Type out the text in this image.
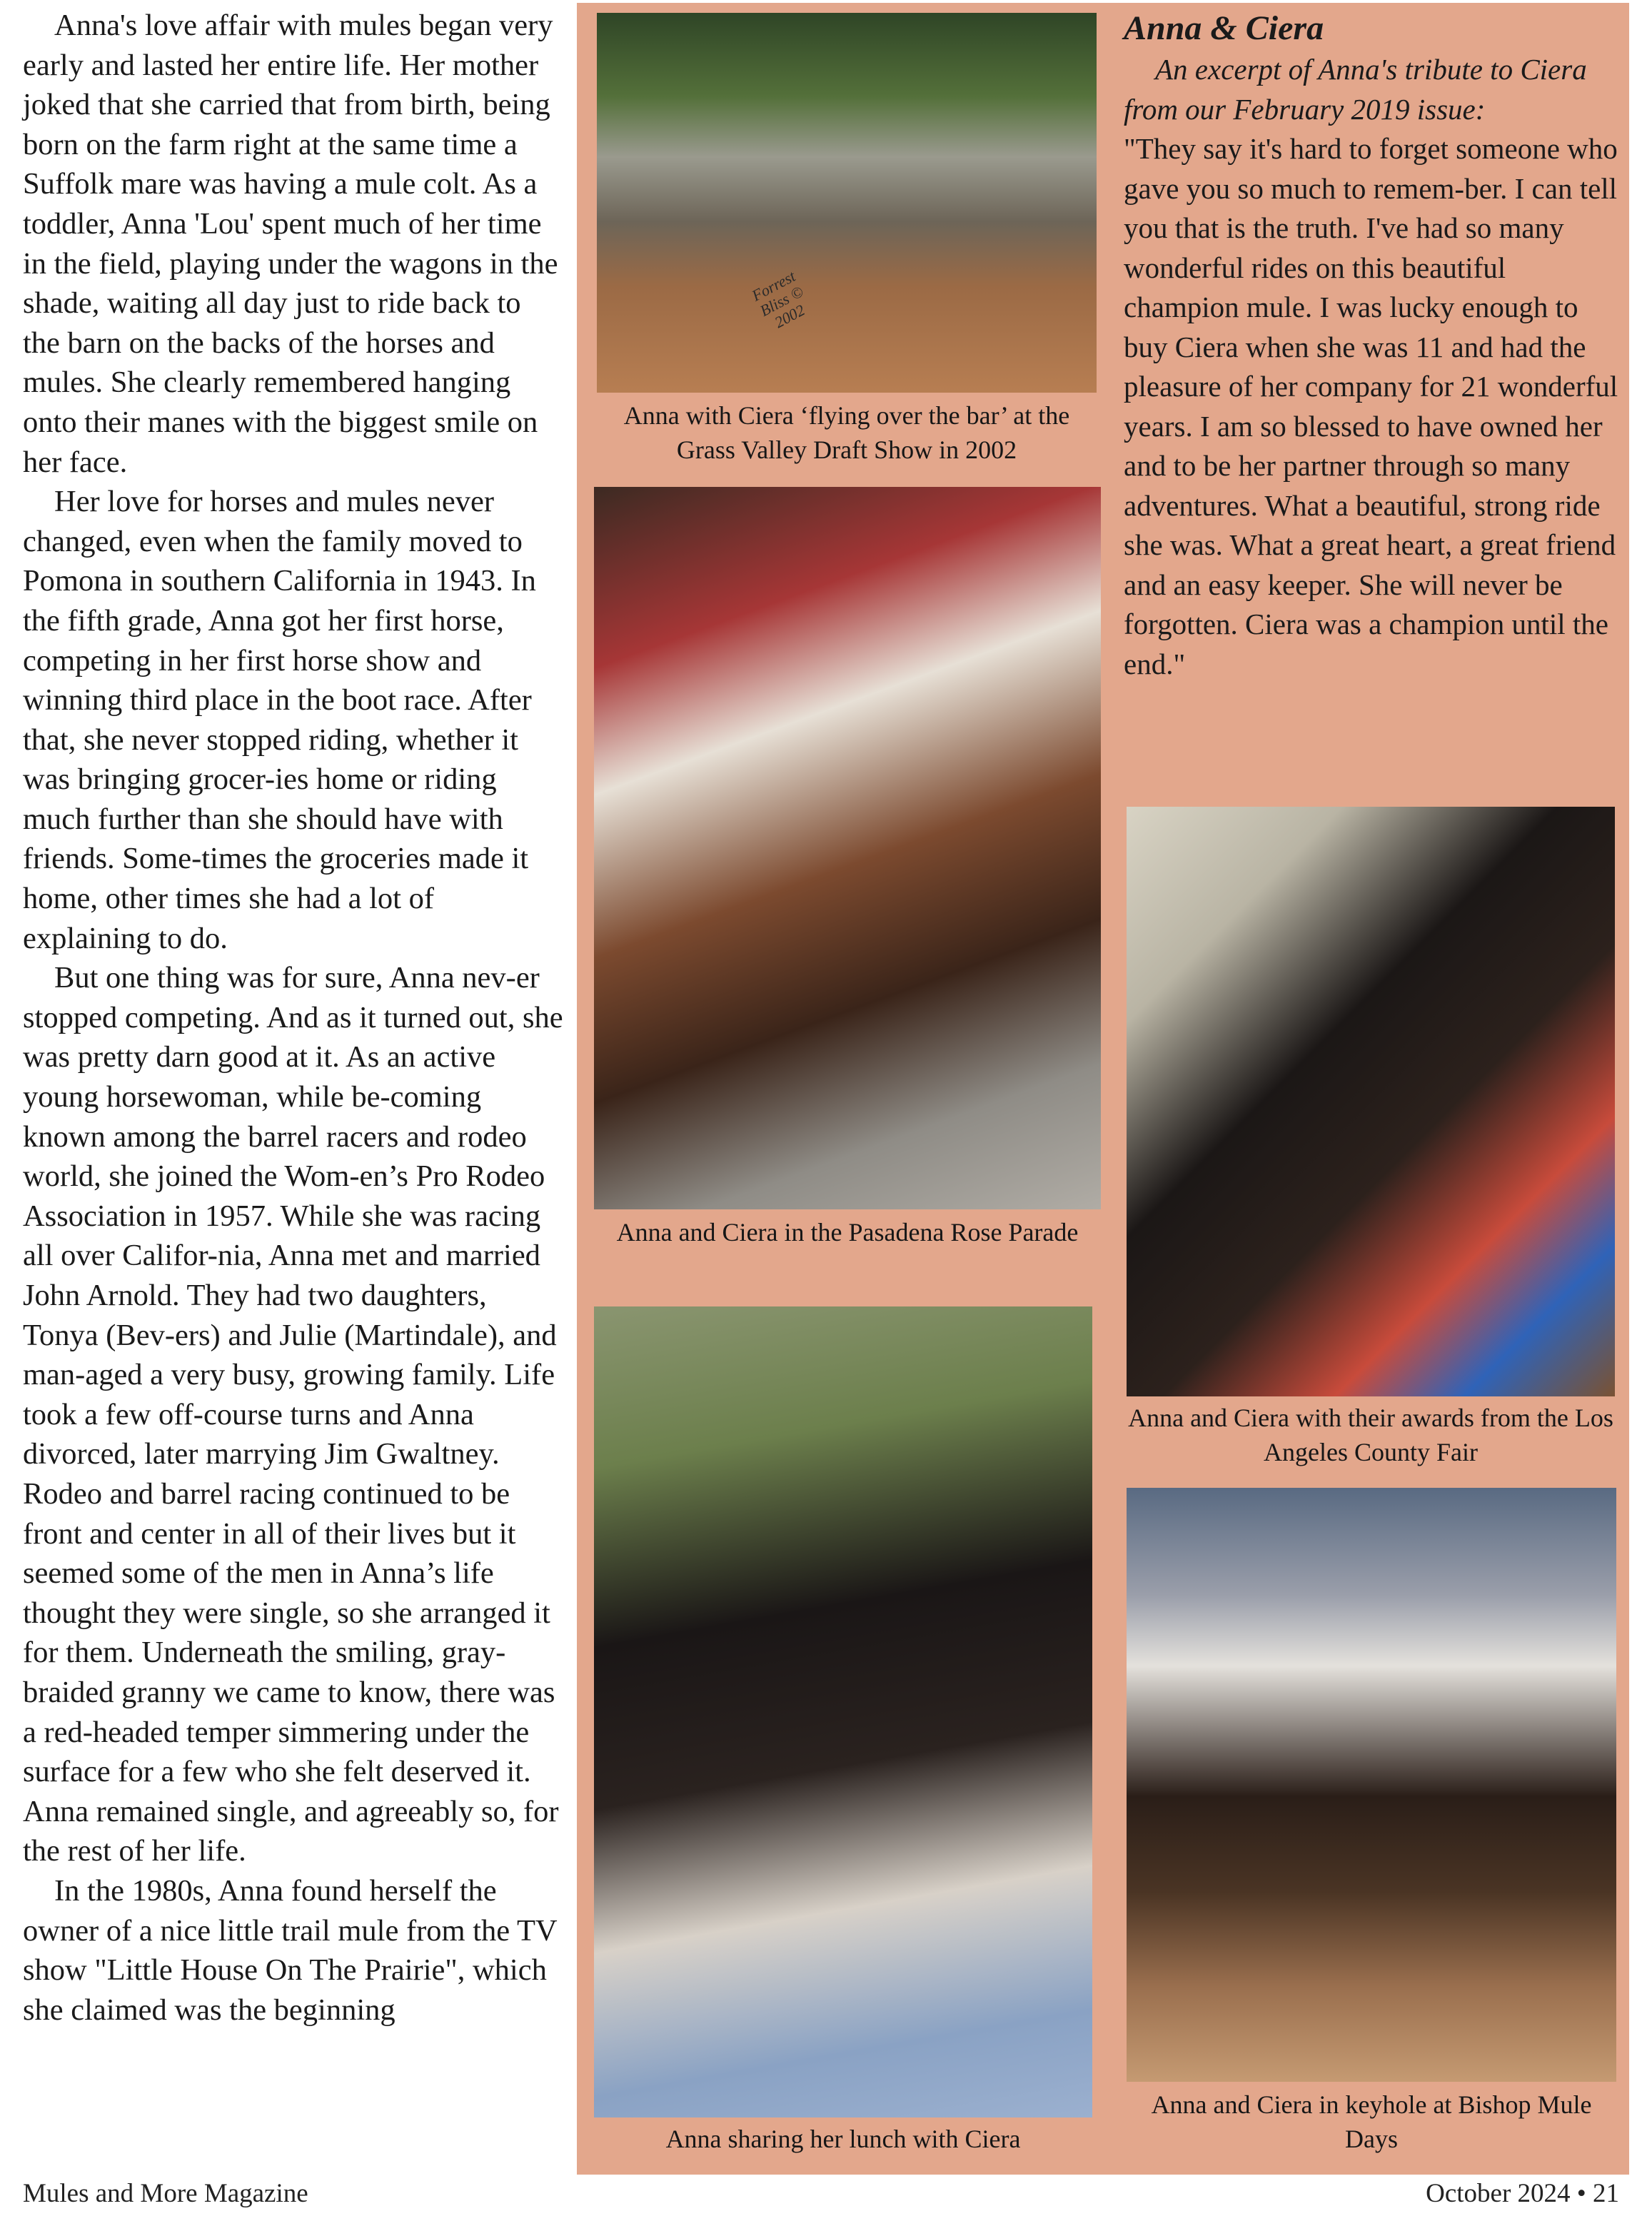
Anna's love affair with mules began very early and lasted her entire life. Her mother joked that she carried that from birth, being born on the farm right at the same time a Suffolk mare was having a mule colt. As a toddler, Anna 'Lou' spent much of her time in the field, playing under the wagons in the shade, waiting all day just to ride back to the barn on the backs of the horses and mules. She clearly remembered hanging onto their manes with the biggest smile on her face.

Her love for horses and mules never changed, even when the family moved to Pomona in southern California in 1943. In the fifth grade, Anna got her first horse, competing in her first horse show and winning third place in the boot race. After that, she never stopped riding, whether it was bringing grocer-ies home or riding much further than she should have with friends. Some-times the groceries made it home, other times she had a lot of explaining to do.

But one thing was for sure, Anna nev-er stopped competing. And as it turned out, she was pretty darn good at it. As an active young horsewoman, while be-coming known among the barrel racers and rodeo world, she joined the Wom-en’s Pro Rodeo Association in 1957. While she was racing all over Califor-nia, Anna met and married John Arnold. They had two daughters, Tonya (Bev-ers) and Julie (Martindale), and man-aged a very busy, growing family. Life took a few off-course turns and Anna divorced, later marrying Jim Gwaltney. Rodeo and barrel racing continued to be front and center in all of their lives but it seemed some of the men in Anna’s life thought they were single, so she arranged it for them. Underneath the smiling, gray-braided granny we came to know, there was a red-headed temper simmering under the surface for a few who she felt deserved it. Anna remained single, and agreeably so, for the rest of her life.

In the 1980s, Anna found herself the owner of a nice little trail mule from the TV show "Little House On The Prairie", which she claimed was the beginning

Forrest Bliss © 2002
Anna with Ciera ‘flying over the bar’ at the Grass Valley Draft Show in 2002
Anna and Ciera in the Pasadena Rose Parade
Anna & Ciera

An excerpt of Anna's tribute to Ciera from our February 2019 issue:

"They say it's hard to forget someone who gave you so much to remem-ber. I can tell you that is the truth. I've had so many wonderful rides on this beautiful champion mule. I was lucky enough to buy Ciera when she was 11 and had the pleasure of her company for 21 wonderful years. I am so blessed to have owned her and to be her partner through so many adventures. What a beautiful, strong ride she was. What a great heart, a great friend and an easy keeper. She will never be forgotten. Ciera was a champion until the end."

Anna and Ciera with their awards from the Los Angeles County Fair
Anna sharing her lunch with Ciera
Anna and Ciera in keyhole at Bishop Mule Days
Mules and More Magazine	October 2024 • 21
